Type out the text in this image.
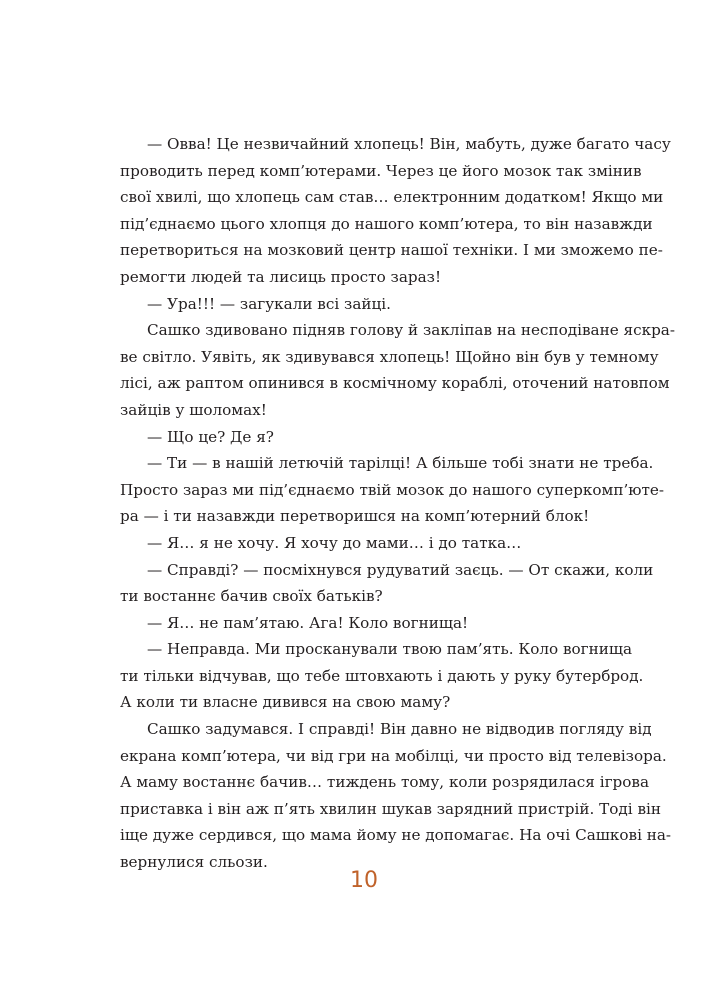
— Овва! Це незвичайний хлопець! Він, мабуть, дуже багато часу
проводить перед комп’ютерами. Через це його мозок так змінив
свої хвилі, що хлопець сам став… електронним додатком! Якщо ми
під’єднаємо цього хлопця до нашого комп’ютера, то він назавжди
перетвориться на мозковий центр нашої техніки. І ми зможемо пе-
ремогти людей та лисиць просто зараз!
— Ура!!! — загукали всі зайці.
Сашко здивовано підняв голову й закліпав на несподіване яскра-
ве світло. Уявіть, як здивувався хлопець! Щойно він був у темному
лісі, аж раптом опинився в космічному кораблі, оточений натовпом
зайців у шоломах!
— Що це? Де я?
— Ти — в нашій летючій тарілці! А більше тобі знати не треба.
Просто зараз ми під’єднаємо твій мозок до нашого суперкомп’юте-
ра — і ти назавжди перетворишся на комп’ютерний блок!
— Я… я не хочу. Я хочу до мами… і до татка…
— Справді? — посміхнувся рудуватий заєць. — От скажи, коли
ти востаннє бачив своїх батьків?
— Я… не пам’ятаю. Ага! Коло вогнища!
— Неправда. Ми просканували твою пам’ять. Коло вогнища
ти тільки відчував, що тебе штовхають і дають у руку бутерброд.
А коли ти власне дивився на свою маму?
Сашко задумався. І справді! Він давно не відводив погляду від
екрана комп’ютера, чи від гри на мобілці, чи просто від телевізора.
А маму востаннє бачив… тиждень тому, коли розрядилася ігрова
приставка і він аж п’ять хвилин шукав зарядний пристрій. Тоді він
іще дуже сердився, що мама йому не допомагає. На очі Сашкові на-
вернулися сльози.
10
